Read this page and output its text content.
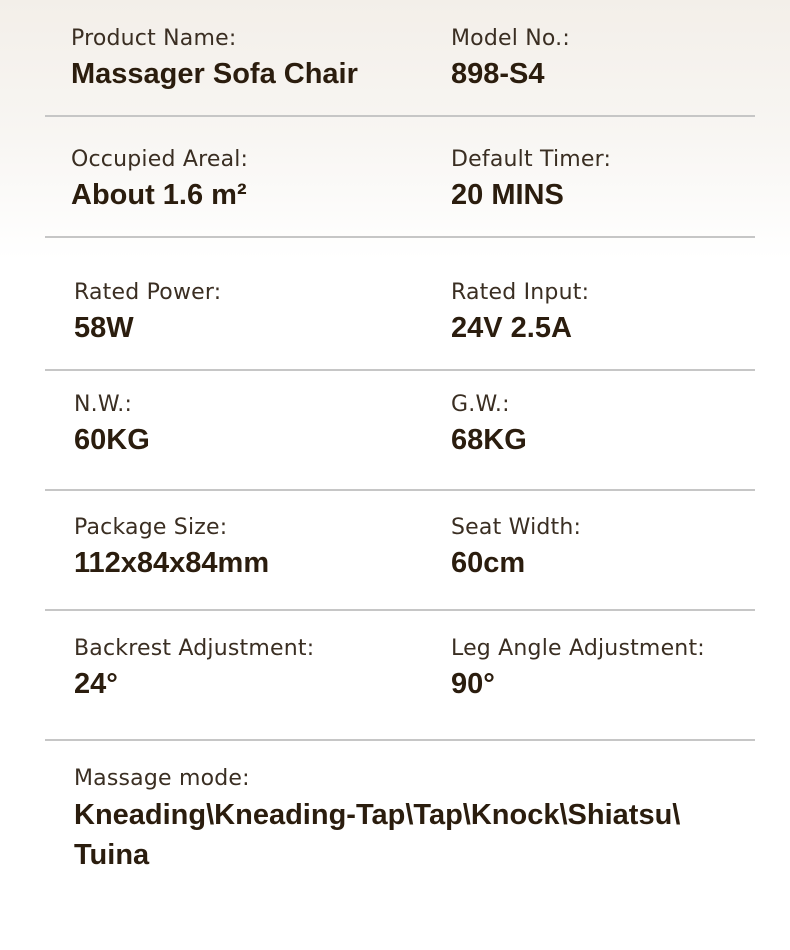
Product Name:
Massager Sofa Chair
Model No.:
898-S4
Occupied Areal:
About 1.6 m²
Default Timer:
20 MINS
Rated Power:
58W
Rated Input:
24V 2.5A
N.W.:
60KG
G.W.:
68KG
Package Size:
112x84x84mm
Seat Width:
60cm
Backrest Adjustment:
24°
Leg Angle Adjustment:
90°
Massage mode:
Kneading\Kneading-Tap\Tap\Knock\Shiatsu\
Tuina
